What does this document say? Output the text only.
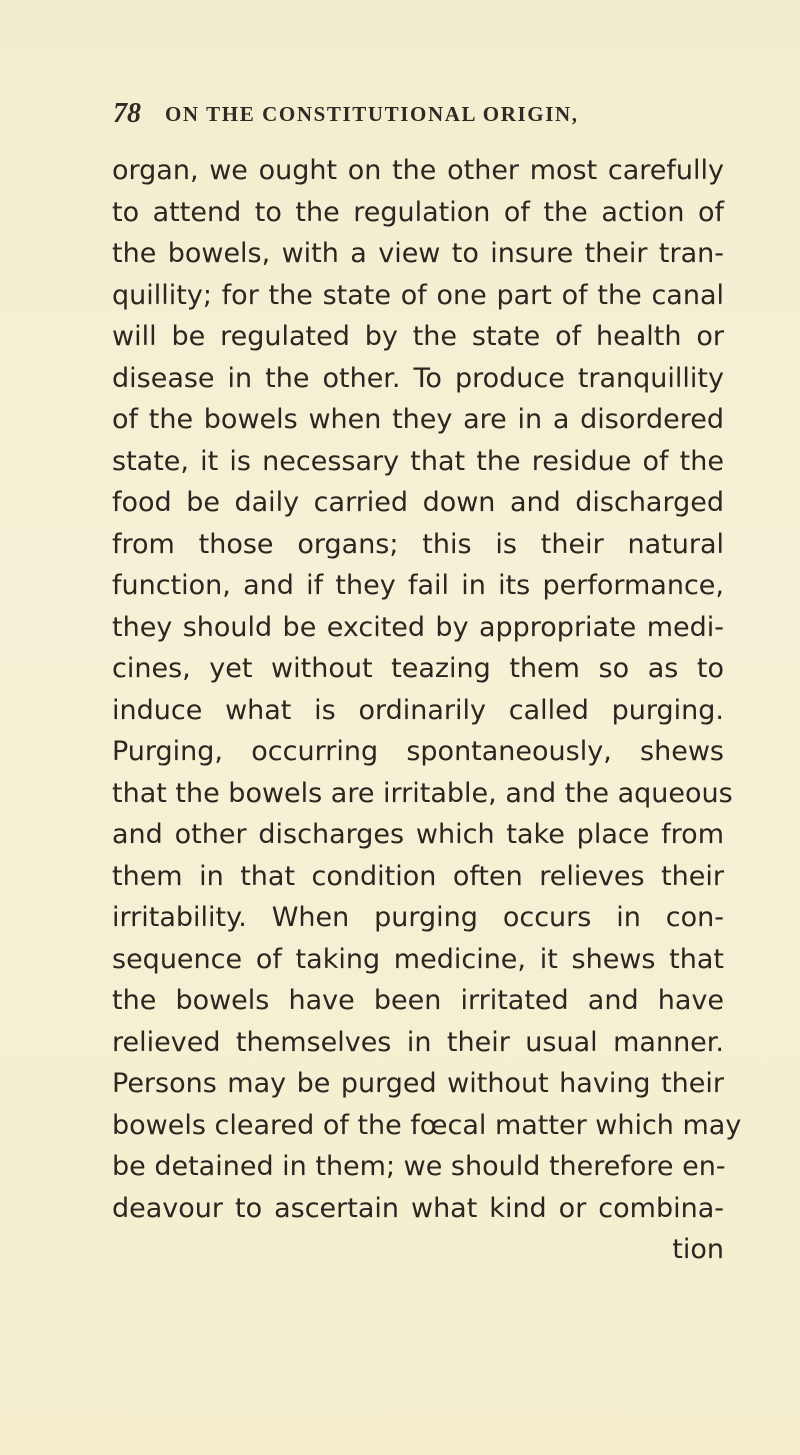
78 ON THE CONSTITUTIONAL ORIGIN,
organ, we ought on the other most carefully
to attend to the regulation of the action of
the bowels, with a view to insure their tran-
quillity; for the state of one part of the canal
will be regulated by the state of health or
disease in the other. To produce tranquillity
of the bowels when they are in a disordered
state, it is necessary that the residue of the
food be daily carried down and discharged
from those organs; this is their natural
function, and if they fail in its performance,
they should be excited by appropriate medi-
cines, yet without teazing them so as to
induce what is ordinarily called purging.
Purging, occurring spontaneously, shews
that the bowels are irritable, and the aqueous
and other discharges which take place from
them in that condition often relieves their
irritability. When purging occurs in con-
sequence of taking medicine, it shews that
the bowels have been irritated and have
relieved themselves in their usual manner.
Persons may be purged without having their
bowels cleared of the fœcal matter which may
be detained in them; we should therefore en-
deavour to ascertain what kind or combina-
tion
